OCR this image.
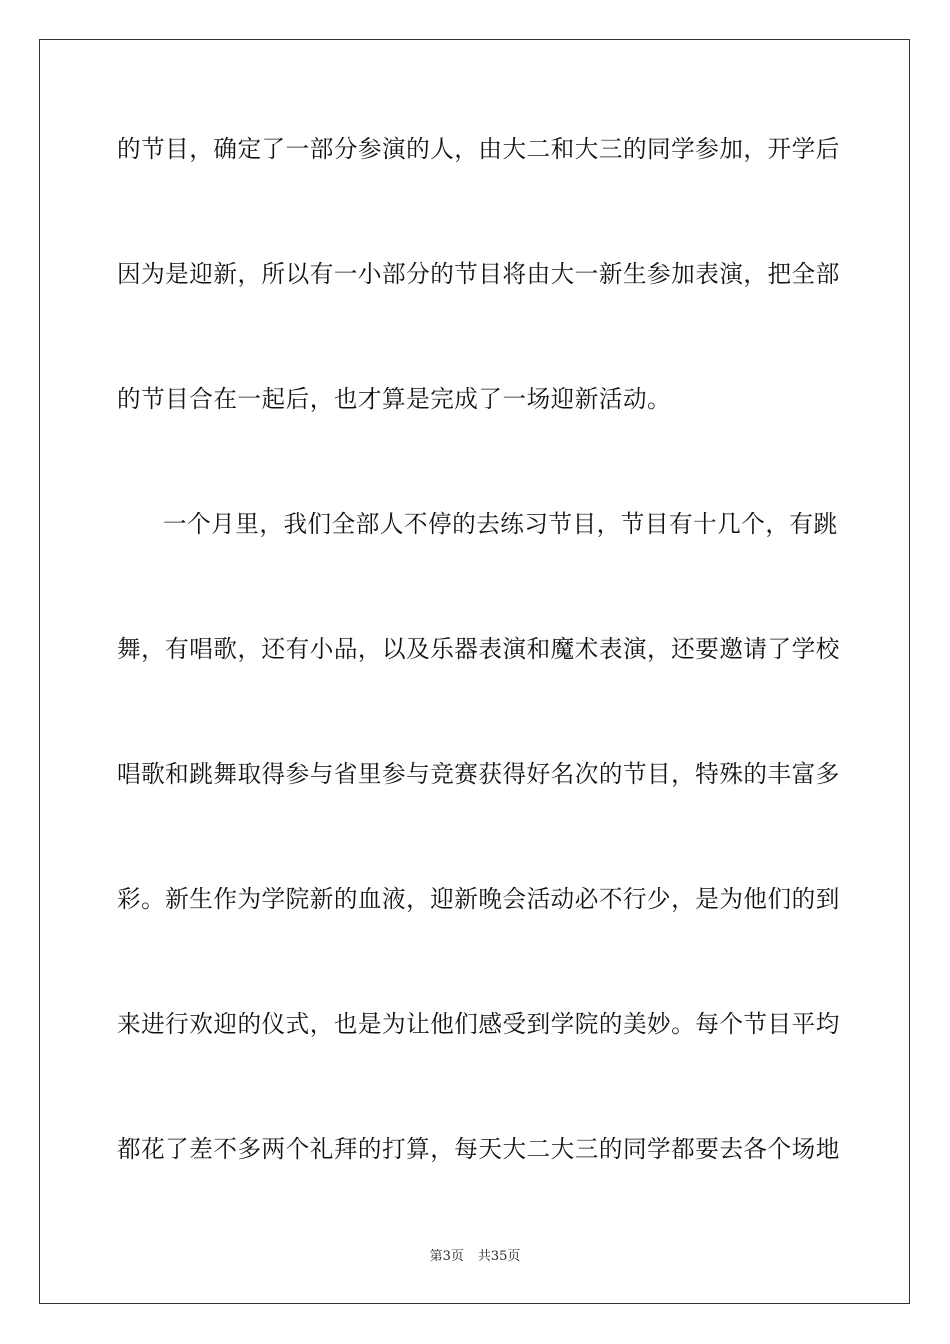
的节目，确定了一部分参演的人，由大二和大三的同学参加，开学后
因为是迎新，所以有一小部分的节目将由大一新生参加表演，把全部
的节目合在一起后，也才算是完成了一场迎新活动。
一个月里，我们全部人不停的去练习节目，节目有十几个，有跳
舞，有唱歌，还有小品，以及乐器表演和魔术表演，还要邀请了学校
唱歌和跳舞取得参与省里参与竞赛获得好名次的节目，特殊的丰富多
彩。新生作为学院新的血液，迎新晚会活动必不行少，是为他们的到
来进行欢迎的仪式，也是为让他们感受到学院的美妙。每个节目平均
都花了差不多两个礼拜的打算，每天大二大三的同学都要去各个场地
第3页 共35页
